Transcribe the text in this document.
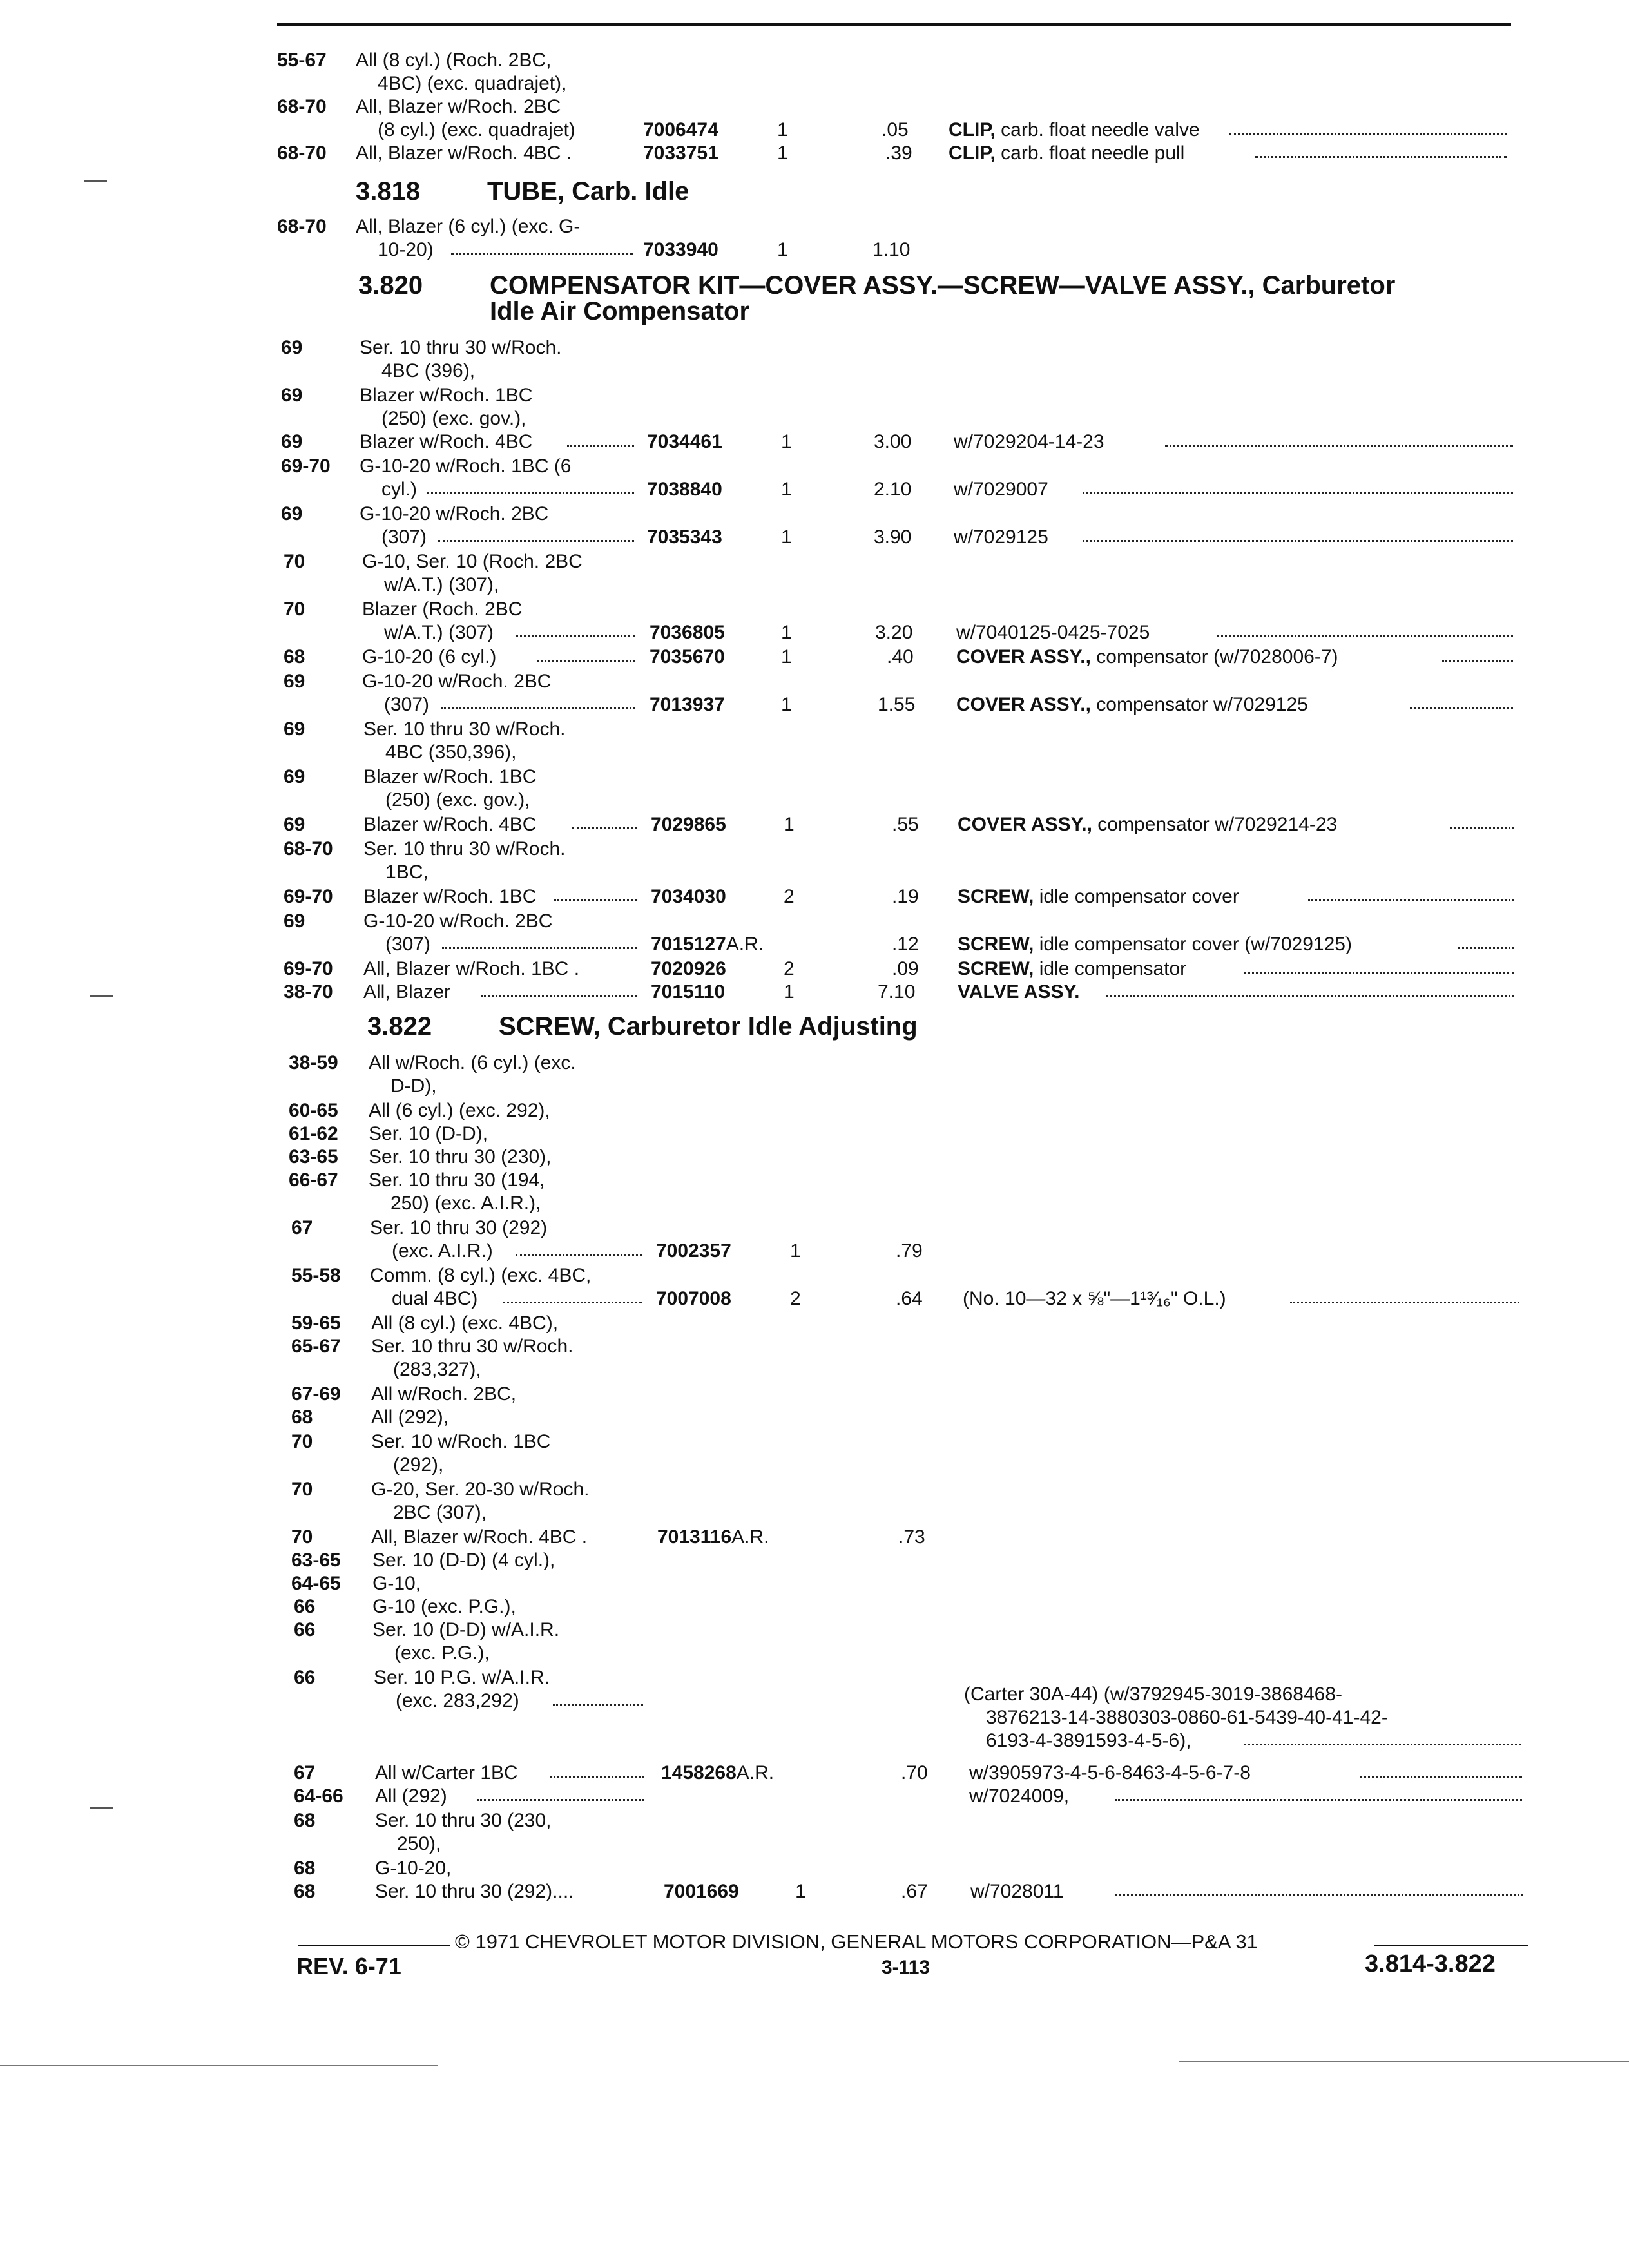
55-67 All (8 cyl.) (Roch. 2BC,
4BC) (exc. quadrajet),
68-70 All, Blazer w/Roch. 2BC
(8 cyl.) (exc. quadrajet)	7006474	1	.05 CLIP, carb. float needle valve
68-70 All, Blazer w/Roch. 4BC .	7033751	1	.39 CLIP, carb. float needle pull
3.818	TUBE, Carb. Idle
68-70 All, Blazer (6 cyl.) (exc. G-
10-20)	7033940	1	1.10
3.820	COMPENSATOR KIT—COVER ASSY.—SCREW—VALVE ASSY., Carburetor
Idle Air Compensator
69	Ser. 10 thru 30 w/Roch.
4BC (396),
69	Blazer w/Roch. 1BC
(250) (exc. gov.),
69	Blazer w/Roch. 4BC	7034461	1	3.00 w/7029204-14-23
69-70 G-10-20 w/Roch. 1BC (6
cyl.)	7038840	1	2.10 w/7029007
69	G-10-20 w/Roch. 2BC
(307)	7035343	1	3.90 w/7029125
70	G-10, Ser. 10 (Roch. 2BC
w/A.T.) (307),
70	Blazer (Roch. 2BC
w/A.T.) (307)	7036805	1	3.20 w/7040125-0425-7025
68	G-10-20 (6 cyl.)	7035670	1	.40 COVER ASSY., compensator (w/7028006-7)
69	G-10-20 w/Roch. 2BC
(307)	7013937	1	1.55 COVER ASSY., compensator w/7029125
69	Ser. 10 thru 30 w/Roch.
4BC (350,396),
69	Blazer w/Roch. 1BC
(250) (exc. gov.),
69	Blazer w/Roch. 4BC	7029865	1	.55 COVER ASSY., compensator w/7029214-23
68-70 Ser. 10 thru 30 w/Roch.
1BC,
69-70 Blazer w/Roch. 1BC	7034030	2	.19 SCREW, idle compensator cover
69	G-10-20 w/Roch. 2BC
(307)	7015127A.R.	.12 SCREW, idle compensator cover (w/7029125)
69-70 All, Blazer w/Roch. 1BC .	7020926	2	.09 SCREW, idle compensator
38-70 All, Blazer	7015110	1	7.10 VALVE ASSY.
3.822	SCREW, Carburetor Idle Adjusting
38-59 All w/Roch. (6 cyl.) (exc.
D-D),
60-65 All (6 cyl.) (exc. 292),
61-62 Ser. 10 (D-D),
63-65 Ser. 10 thru 30 (230),
66-67 Ser. 10 thru 30 (194,
250) (exc. A.I.R.),
67	Ser. 10 thru 30 (292)
(exc. A.I.R.)	7002357	1	.79
55-58 Comm. (8 cyl.) (exc. 4BC,
dual 4BC)	7007008	2	.64 (No. 10—32 x ⅝"—1¹³⁄₁₆" O.L.)
59-65 All (8 cyl.) (exc. 4BC),
65-67 Ser. 10 thru 30 w/Roch.
(283,327),
67-69 All w/Roch. 2BC,
68	All (292),
70	Ser. 10 w/Roch. 1BC
(292),
70	G-20, Ser. 20-30 w/Roch.
2BC (307),
70	All, Blazer w/Roch. 4BC .	7013116A.R.	.73
63-65 Ser. 10 (D-D) (4 cyl.),
64-65 G-10,
66	G-10 (exc. P.G.),
66	Ser. 10 (D-D) w/A.I.R.
(exc. P.G.),
66	Ser. 10 P.G. w/A.I.R.
(exc. 283,292)	(Carter 30A-44) (w/3792945-3019-3868468-
3876213-14-3880303-0860-61-5439-40-41-42-
6193-4-3891593-4-5-6),
67	All w/Carter 1BC	1458268A.R.	.70 w/3905973-4-5-6-8463-4-5-6-7-8
64-66 All (292)	w/7024009,
68	Ser. 10 thru 30 (230,
250),
68	G-10-20,
68	Ser. 10 thru 30 (292)....	7001669	1	.67 w/7028011
© 1971 CHEVROLET MOTOR DIVISION, GENERAL MOTORS CORPORATION—P&A 31
REV. 6-71	3-113	3.814-3.822
